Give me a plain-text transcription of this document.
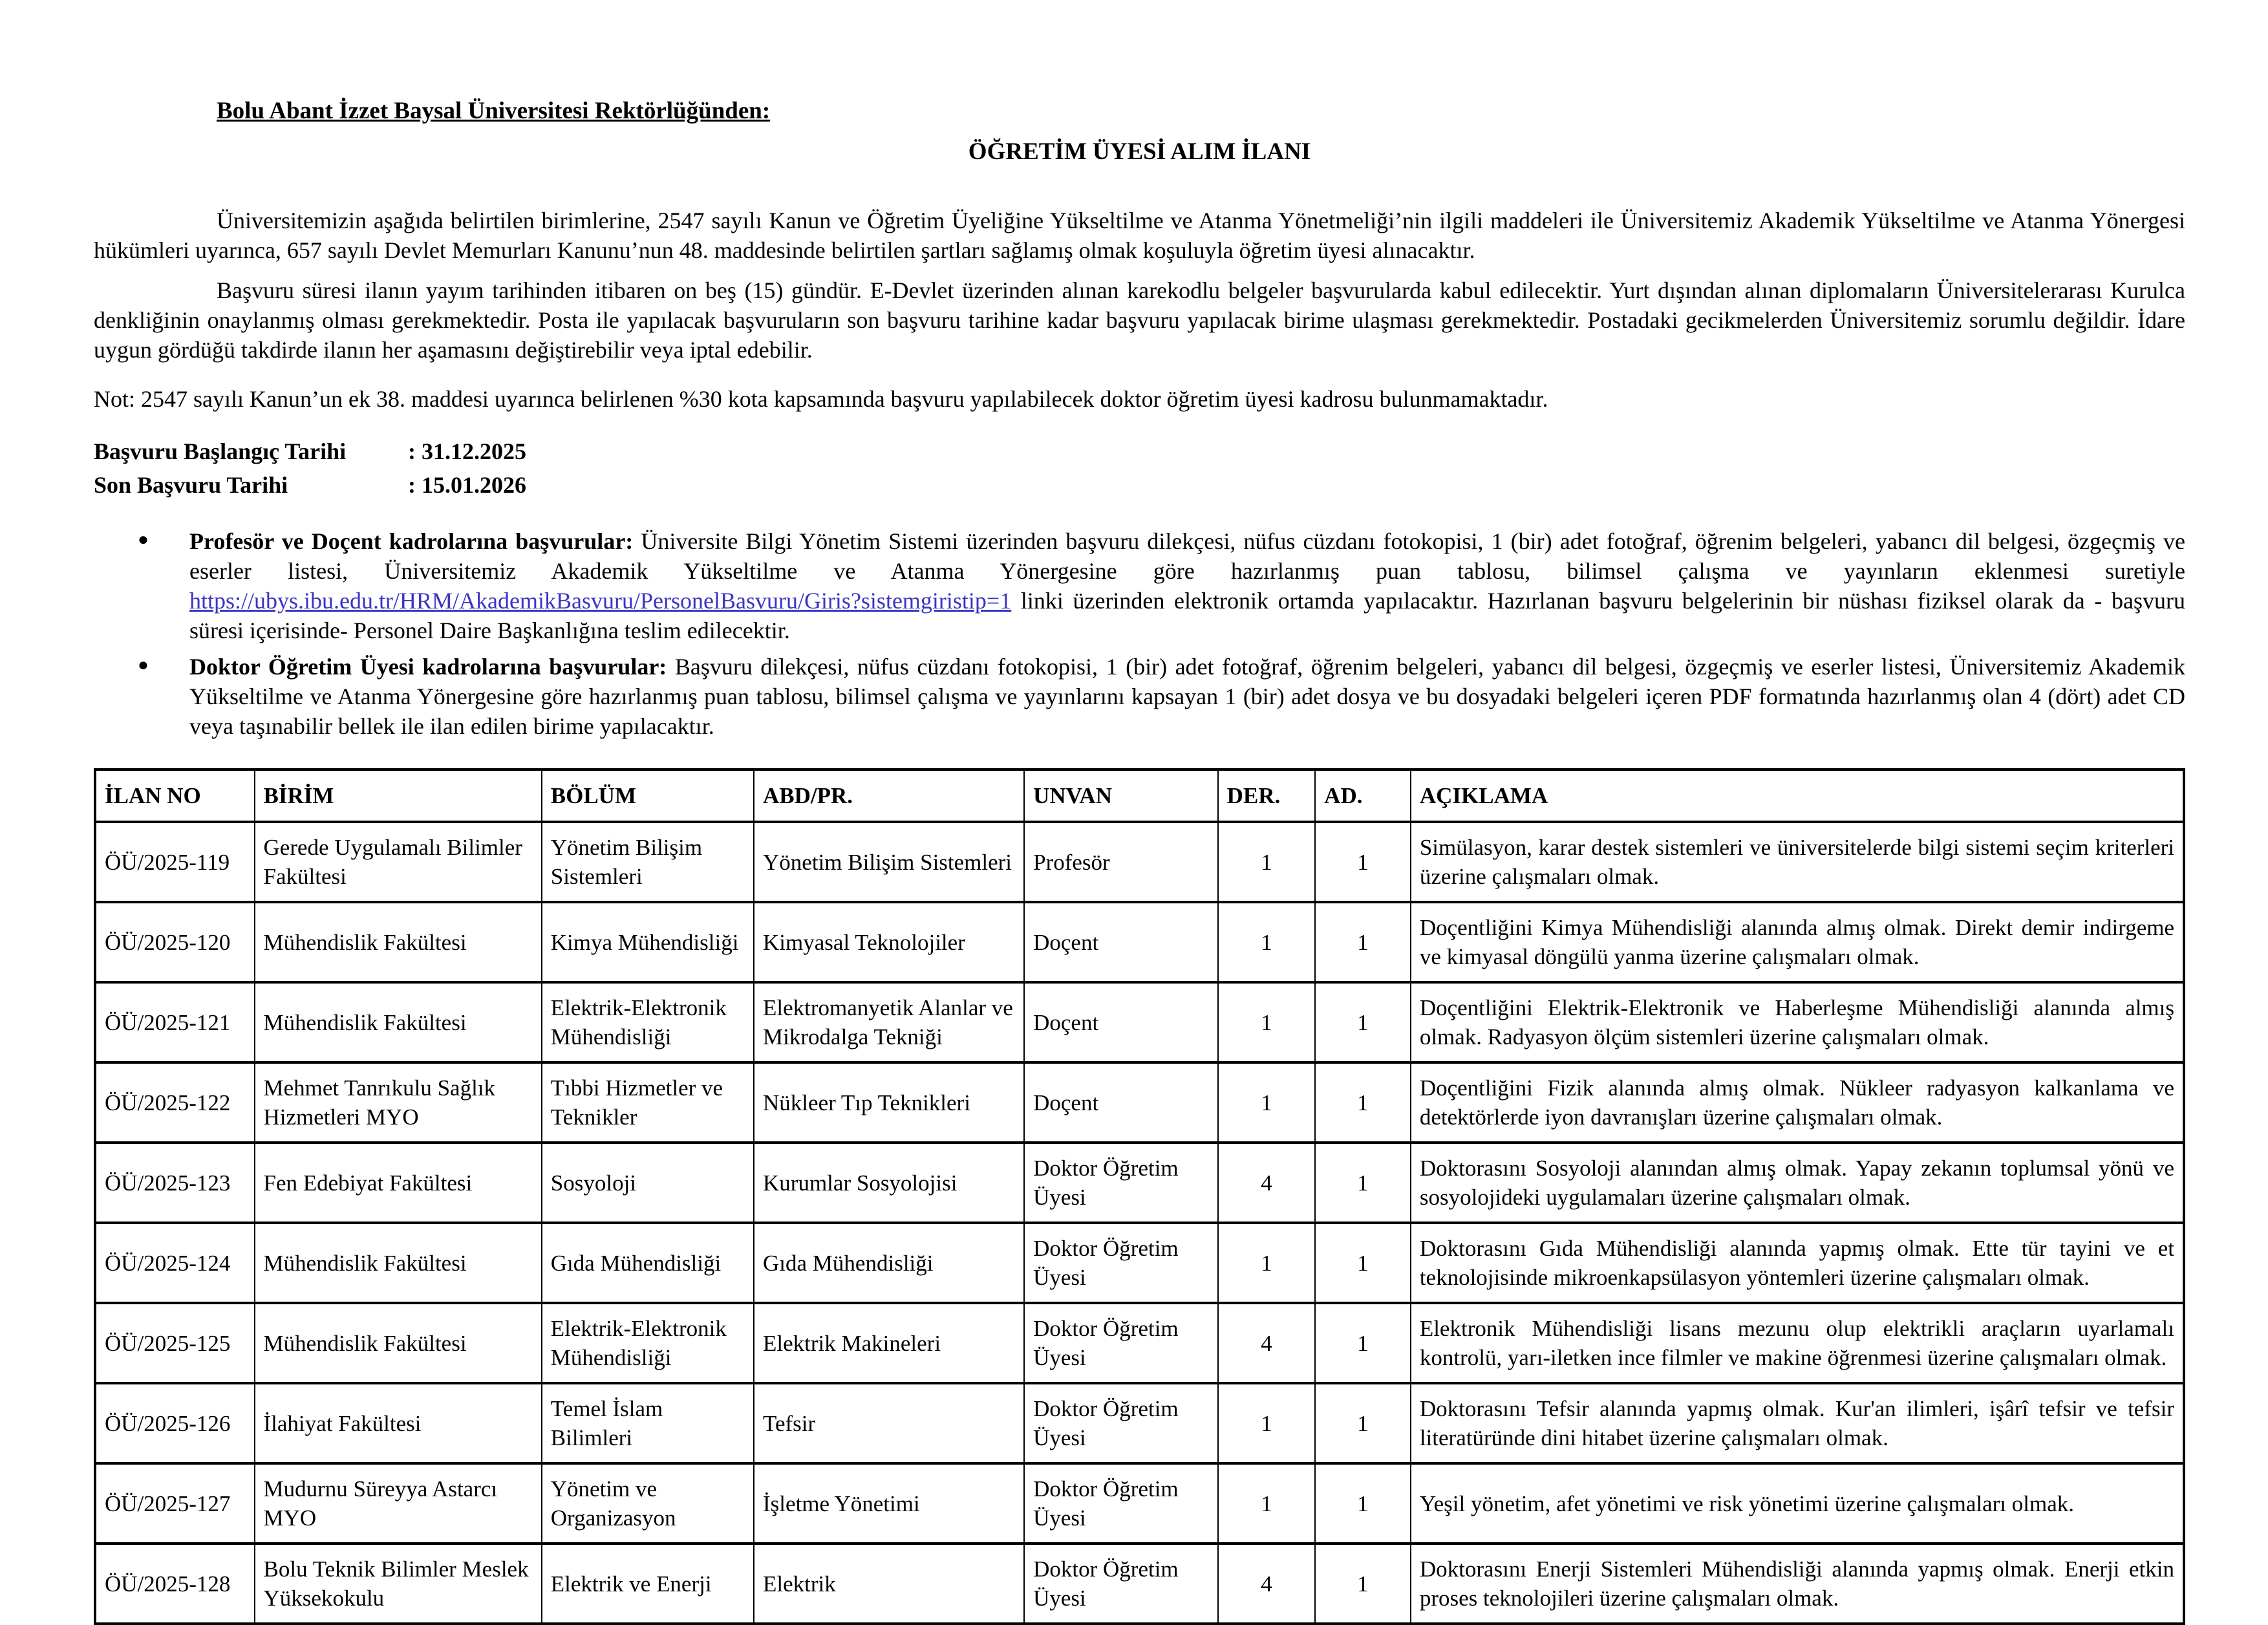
Bolu Abant İzzet Baysal Üniversitesi Rektörlüğünden:
ÖĞRETİM ÜYESİ ALIM İLANI

Üniversitemizin aşağıda belirtilen birimlerine, 2547 sayılı Kanun ve Öğretim Üyeliğine Yükseltilme ve Atanma Yönetmeliği’nin ilgili maddeleri ile Üniversitemiz Akademik Yükseltilme ve Atanma Yönergesi hükümleri uyarınca, 657 sayılı Devlet Memurları Kanunu’nun 48. maddesinde belirtilen şartları sağlamış olmak koşuluyla öğretim üyesi alınacaktır.

Başvuru süresi ilanın yayım tarihinden itibaren on beş (15) gündür. E-Devlet üzerinden alınan karekodlu belgeler başvurularda kabul edilecektir. Yurt dışından alınan diplomaların Üniversitelerarası Kurulca denkliğinin onaylanmış olması gerekmektedir. Posta ile yapılacak başvuruların son başvuru tarihine kadar başvuru yapılacak birime ulaşması gerekmektedir. Postadaki gecikmelerden Üniversitemiz sorumlu değildir. İdare uygun gördüğü takdirde ilanın her aşamasını değiştirebilir veya iptal edebilir.

Not: 2547 sayılı Kanun’un ek 38. maddesi uyarınca belirlenen %30 kota kapsamında başvuru yapılabilecek doktor öğretim üyesi kadrosu bulunmamaktadır.

Başvuru Başlangıç Tarihi	: 31.12.2025
Son Başvuru Tarihi	: 15.01.2026
● Profesör ve Doçent kadrolarına başvurular: Üniversite Bilgi Yönetim Sistemi üzerinden başvuru dilekçesi, nüfus cüzdanı fotokopisi, 1 (bir) adet fotoğraf, öğrenim belgeleri, yabancı dil belgesi, özgeçmiş ve eserler listesi, Üniversitemiz Akademik Yükseltilme ve Atanma Yönergesine göre hazırlanmış puan tablosu, bilimsel çalışma ve yayınların eklenmesi suretiyle https://ubys.ibu.edu.tr/HRM/AkademikBasvuru/PersonelBasvuru/Giris?sistemgiristip=1 linki üzerinden elektronik ortamda yapılacaktır. Hazırlanan başvuru belgelerinin bir nüshası fiziksel olarak da - başvuru süresi içerisinde- Personel Daire Başkanlığına teslim edilecektir.
● Doktor Öğretim Üyesi kadrolarına başvurular: Başvuru dilekçesi, nüfus cüzdanı fotokopisi, 1 (bir) adet fotoğraf, öğrenim belgeleri, yabancı dil belgesi, özgeçmiş ve eserler listesi, Üniversitemiz Akademik Yükseltilme ve Atanma Yönergesine göre hazırlanmış puan tablosu, bilimsel çalışma ve yayınlarını kapsayan 1 (bir) adet dosya ve bu dosyadaki belgeleri içeren PDF formatında hazırlanmış olan 4 (dört) adet CD veya taşınabilir bellek ile ilan edilen birime yapılacaktır.
İLAN NO	BİRİM	BÖLÜM	ABD/PR.	UNVAN	DER.	AD.	AÇIKLAMA
ÖÜ/2025-119	Gerede Uygulamalı Bilimler Fakültesi	Yönetim Bilişim Sistemleri	Yönetim Bilişim Sistemleri	Profesör	1	1	Simülasyon, karar destek sistemleri ve üniversitelerde bilgi sistemi seçim kriterleri üzerine çalışmaları olmak.
ÖÜ/2025-120	Mühendislik Fakültesi	Kimya Mühendisliği	Kimyasal Teknolojiler	Doçent	1	1	Doçentliğini Kimya Mühendisliği alanında almış olmak. Direkt demir indirgeme ve kimyasal döngülü yanma üzerine çalışmaları olmak.
ÖÜ/2025-121	Mühendislik Fakültesi	Elektrik-Elektronik Mühendisliği	Elektromanyetik Alanlar ve Mikrodalga Tekniği	Doçent	1	1	Doçentliğini Elektrik-Elektronik ve Haberleşme Mühendisliği alanında almış olmak. Radyasyon ölçüm sistemleri üzerine çalışmaları olmak.
ÖÜ/2025-122	Mehmet Tanrıkulu Sağlık Hizmetleri MYO	Tıbbi Hizmetler ve Teknikler	Nükleer Tıp Teknikleri	Doçent	1	1	Doçentliğini Fizik alanında almış olmak. Nükleer radyasyon kalkanlama ve detektörlerde iyon davranışları üzerine çalışmaları olmak.
ÖÜ/2025-123	Fen Edebiyat Fakültesi	Sosyoloji	Kurumlar Sosyolojisi	Doktor Öğretim Üyesi	4	1	Doktorasını Sosyoloji alanından almış olmak. Yapay zekanın toplumsal yönü ve sosyolojideki uygulamaları üzerine çalışmaları olmak.
ÖÜ/2025-124	Mühendislik Fakültesi	Gıda Mühendisliği	Gıda Mühendisliği	Doktor Öğretim Üyesi	1	1	Doktorasını Gıda Mühendisliği alanında yapmış olmak. Ette tür tayini ve et teknolojisinde mikroenkapsülasyon yöntemleri üzerine çalışmaları olmak.
ÖÜ/2025-125	Mühendislik Fakültesi	Elektrik-Elektronik Mühendisliği	Elektrik Makineleri	Doktor Öğretim Üyesi	4	1	Elektronik Mühendisliği lisans mezunu olup elektrikli araçların uyarlamalı kontrolü, yarı-iletken ince filmler ve makine öğrenmesi üzerine çalışmaları olmak.
ÖÜ/2025-126	İlahiyat Fakültesi	Temel İslam Bilimleri	Tefsir	Doktor Öğretim Üyesi	1	1	Doktorasını Tefsir alanında yapmış olmak. Kur'an ilimleri, işârî tefsir ve tefsir literatüründe dini hitabet üzerine çalışmaları olmak.
ÖÜ/2025-127	Mudurnu Süreyya Astarcı MYO	Yönetim ve Organizasyon	İşletme Yönetimi	Doktor Öğretim Üyesi	1	1	Yeşil yönetim, afet yönetimi ve risk yönetimi üzerine çalışmaları olmak.
ÖÜ/2025-128	Bolu Teknik Bilimler Meslek Yüksekokulu	Elektrik ve Enerji	Elektrik	Doktor Öğretim Üyesi	4	1	Doktorasını Enerji Sistemleri Mühendisliği alanında yapmış olmak. Enerji etkin proses teknolojileri üzerine çalışmaları olmak.
